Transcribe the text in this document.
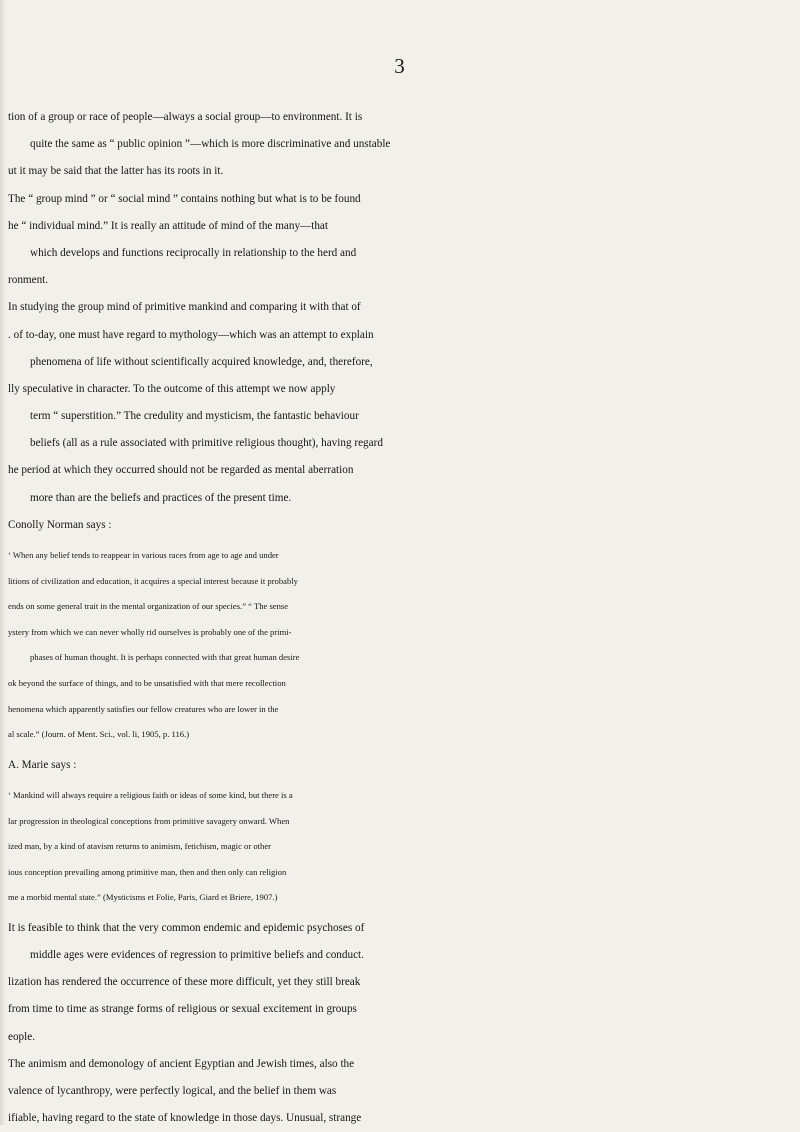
3
tion of a group or race of people—always a social group—to environment. It is
quite the same as “ public opinion ”—which is more discriminative and unstable
ut it may be said that the latter has its roots in it.
The “ group mind ” or “ social mind ” contains nothing but what is to be found
he “ individual mind.” It is really an attitude of mind of the many—that
which develops and functions reciprocally in relationship to the herd and
ronment.
In studying the group mind of primitive mankind and comparing it with that of
. of to-day, one must have regard to mythology—which was an attempt to explain
phenomena of life without scientifically acquired knowledge, and, therefore,
lly speculative in character. To the outcome of this attempt we now apply
term “ superstition.” The credulity and mysticism, the fantastic behaviour
beliefs (all as a rule associated with primitive religious thought), having regard
he period at which they occurred should not be regarded as mental aberration
more than are the beliefs and practices of the present time.
Conolly Norman says :
‘ When any belief tends to reappear in various races from age to age and under
litions of civilization and education, it acquires a special interest because it probably
ends on some general trait in the mental organization of our species.” “ The sense
ystery from which we can never wholly rid ourselves is probably one of the primi-
phases of human thought. It is perhaps connected with that great human desire
ok beyond the surface of things, and to be unsatisfied with that mere recollection
henomena which apparently satisfies our fellow creatures who are lower in the
al scale.” (Journ. of Ment. Sci., vol. li, 1905, p. 116.)
A. Marie says :
‘ Mankind will always require a religious faith or ideas of some kind, but there is a
lar progression in theological conceptions from primitive savagery onward. When
ized man, by a kind of atavism returns to animism, fetichism, magic or other
ious conception prevailing among primitive man, then and then only can religion
me a morbid mental state.” (Mysticisms et Folie, Paris, Giard et Briere, 1907.)
It is feasible to think that the very common endemic and epidemic psychoses of
middle ages were evidences of regression to primitive beliefs and conduct.
lization has rendered the occurrence of these more difficult, yet they still break
from time to time as strange forms of religious or sexual excitement in groups
eople.
The animism and demonology of ancient Egyptian and Jewish times, also the
valence of lycanthropy, were perfectly logical, and the belief in them was
ifiable, having regard to the state of knowledge in those days. Unusual, strange
